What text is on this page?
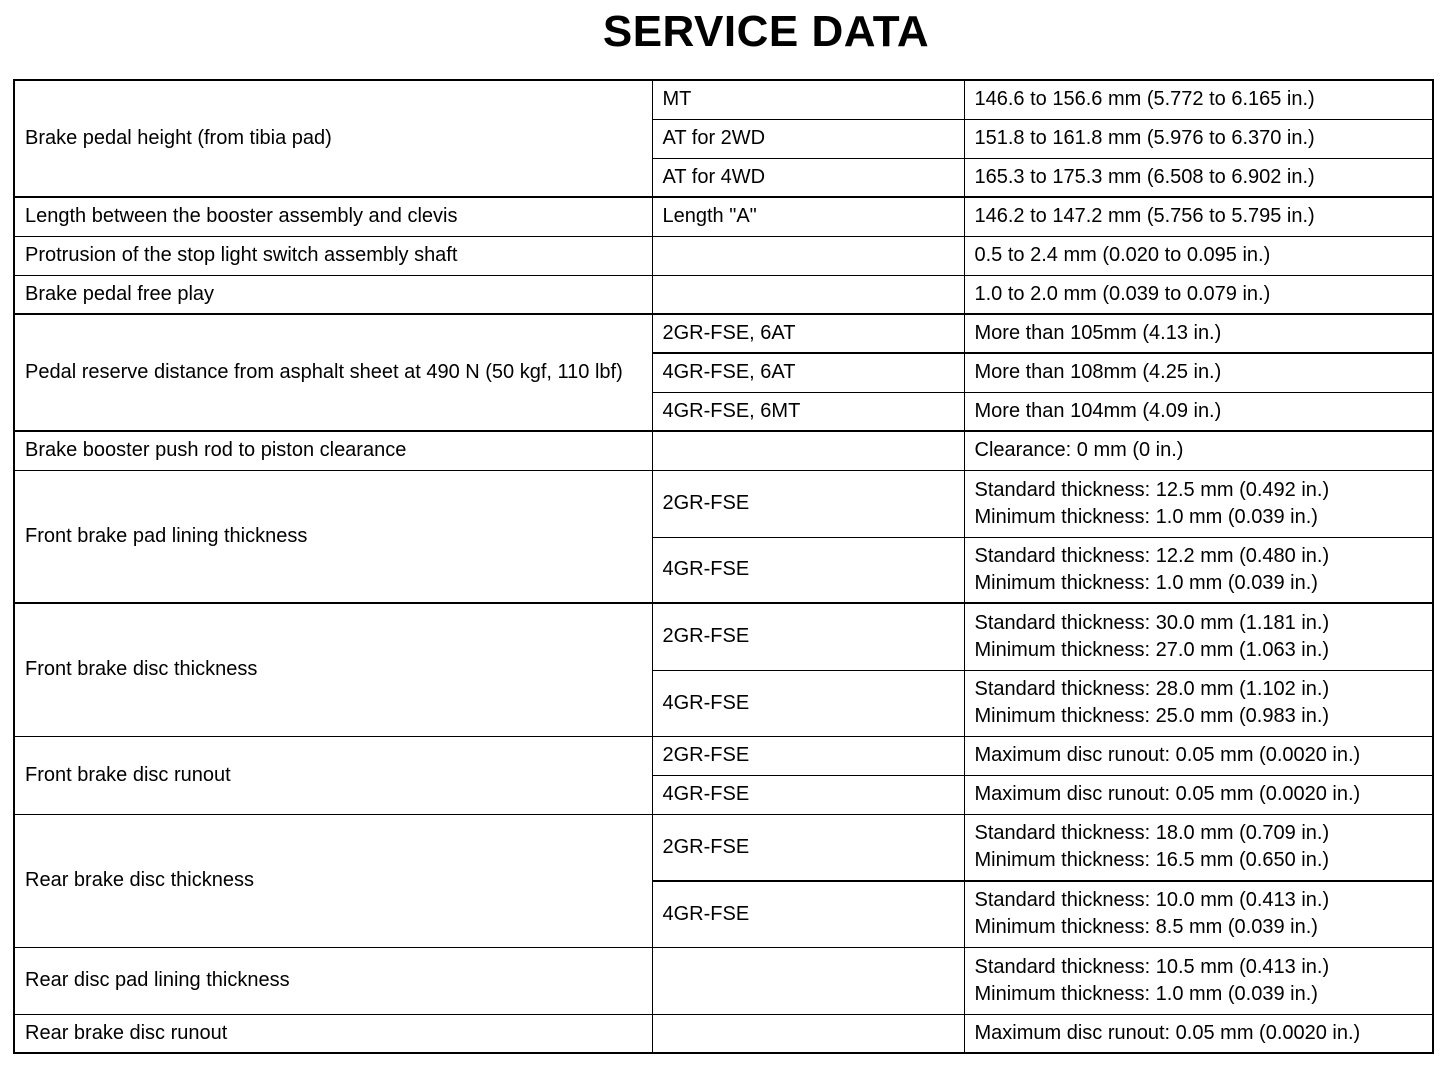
SERVICE DATA
Brake pedal height (from tibia pad)	MT	146.6 to 156.6 mm (5.772 to 6.165 in.)
	AT for 2WD	151.8 to 161.8 mm (5.976 to 6.370 in.)
	AT for 4WD	165.3 to 175.3 mm (6.508 to 6.902 in.)
Length between the booster assembly and clevis	Length "A"	146.2 to 147.2 mm (5.756 to 5.795 in.)
Protrusion of the stop light switch assembly shaft		0.5 to 2.4 mm (0.020 to 0.095 in.)
Brake pedal free play		1.0 to 2.0 mm (0.039 to 0.079 in.)
Pedal reserve distance from asphalt sheet at 490 N (50 kgf, 110 lbf)	2GR-FSE, 6AT	More than 105mm (4.13 in.)
	4GR-FSE, 6AT	More than 108mm (4.25 in.)
	4GR-FSE, 6MT	More than 104mm (4.09 in.)
Brake booster push rod to piston clearance		Clearance: 0 mm (0 in.)
Front brake pad lining thickness	2GR-FSE	Standard thickness: 12.5 mm (0.492 in.)
Minimum thickness: 1.0 mm (0.039 in.)

	4GR-FSE	Standard thickness: 12.2 mm (0.480 in.)
Minimum thickness: 1.0 mm (0.039 in.)

Front brake disc thickness	2GR-FSE	Standard thickness: 30.0 mm (1.181 in.)
Minimum thickness: 27.0 mm (1.063 in.)

	4GR-FSE	Standard thickness: 28.0 mm (1.102 in.)
Minimum thickness: 25.0 mm (0.983 in.)

Front brake disc runout	2GR-FSE	Maximum disc runout: 0.05 mm (0.0020 in.)
	4GR-FSE	Maximum disc runout: 0.05 mm (0.0020 in.)
Rear brake disc thickness	2GR-FSE	Standard thickness: 18.0 mm (0.709 in.)
Minimum thickness: 16.5 mm (0.650 in.)

	4GR-FSE	Standard thickness: 10.0 mm (0.413 in.)
Minimum thickness: 8.5 mm (0.039 in.)

Rear disc pad lining thickness		Standard thickness: 10.5 mm (0.413 in.)
Minimum thickness: 1.0 mm (0.039 in.)

Rear brake disc runout		Maximum disc runout: 0.05 mm (0.0020 in.)
